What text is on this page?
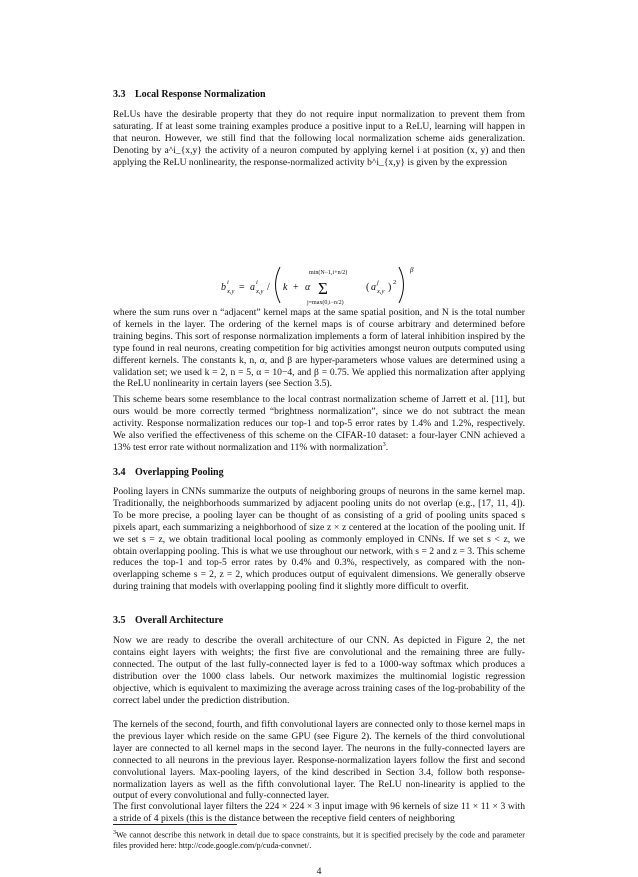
3.3 Local Response Normalization

ReLUs have the desirable property that they do not require input normalization to prevent them from saturating. If at least some training examples produce a positive input to a ReLU, learning will happen in that neuron. However, we still find that the following local normalization scheme aids generalization. Denoting by a^i_{x,y} the activity of a neuron computed by applying kernel i at position (x, y) and then applying the ReLU nonlinearity, the response-normalized activity b^i_{x,y} is given by the expression

b i
x,y = a i
x,y / k + α Σ
min(N−1,i+n/2)
j=max(0,i−n/2)
( a j
x,y ) 2
β

where the sum runs over n “adjacent” kernel maps at the same spatial position, and N is the total number of kernels in the layer. The ordering of the kernel maps is of course arbitrary and determined before training begins. This sort of response normalization implements a form of lateral inhibition inspired by the type found in real neurons, creating competition for big activities amongst neuron outputs computed using different kernels. The constants k, n, α, and β are hyper-parameters whose values are determined using a validation set; we used k = 2, n = 5, α = 10−4, and β = 0.75. We applied this normalization after applying the ReLU nonlinearity in certain layers (see Section 3.5).

This scheme bears some resemblance to the local contrast normalization scheme of Jarrett et al. [11], but ours would be more correctly termed “brightness normalization”, since we do not subtract the mean activity. Response normalization reduces our top-1 and top-5 error rates by 1.4% and 1.2%, respectively. We also verified the effectiveness of this scheme on the CIFAR-10 dataset: a four-layer CNN achieved a 13% test error rate without normalization and 11% with normalization$^3$.

3.4 Overlapping Pooling

Pooling layers in CNNs summarize the outputs of neighboring groups of neurons in the same kernel map. Traditionally, the neighborhoods summarized by adjacent pooling units do not overlap (e.g., [17, 11, 4]). To be more precise, a pooling layer can be thought of as consisting of a grid of pooling units spaced s pixels apart, each summarizing a neighborhood of size z × z centered at the location of the pooling unit. If we set s = z, we obtain traditional local pooling as commonly employed in CNNs. If we set s < z, we obtain overlapping pooling. This is what we use throughout our network, with s = 2 and z = 3. This scheme reduces the top-1 and top-5 error rates by 0.4% and 0.3%, respectively, as compared with the non-overlapping scheme s = 2, z = 2, which produces output of equivalent dimensions. We generally observe during training that models with overlapping pooling find it slightly more difficult to overfit.

3.5 Overall Architecture

Now we are ready to describe the overall architecture of our CNN. As depicted in Figure 2, the net contains eight layers with weights; the first five are convolutional and the remaining three are fully-connected. The output of the last fully-connected layer is fed to a 1000-way softmax which produces a distribution over the 1000 class labels. Our network maximizes the multinomial logistic regression objective, which is equivalent to maximizing the average across training cases of the log-probability of the correct label under the prediction distribution.

The kernels of the second, fourth, and fifth convolutional layers are connected only to those kernel maps in the previous layer which reside on the same GPU (see Figure 2). The kernels of the third convolutional layer are connected to all kernel maps in the second layer. The neurons in the fully-connected layers are connected to all neurons in the previous layer. Response-normalization layers follow the first and second convolutional layers. Max-pooling layers, of the kind described in Section 3.4, follow both response-normalization layers as well as the fifth convolutional layer. The ReLU non-linearity is applied to the output of every convolutional and fully-connected layer.

The first convolutional layer filters the 224 × 224 × 3 input image with 96 kernels of size 11 × 11 × 3 with a stride of 4 pixels (this is the distance between the receptive field centers of neighboring

$^3$We cannot describe this network in detail due to space constraints, but it is specified precisely by the code and parameter files provided here: http://code.google.com/p/cuda-convnet/.

4
